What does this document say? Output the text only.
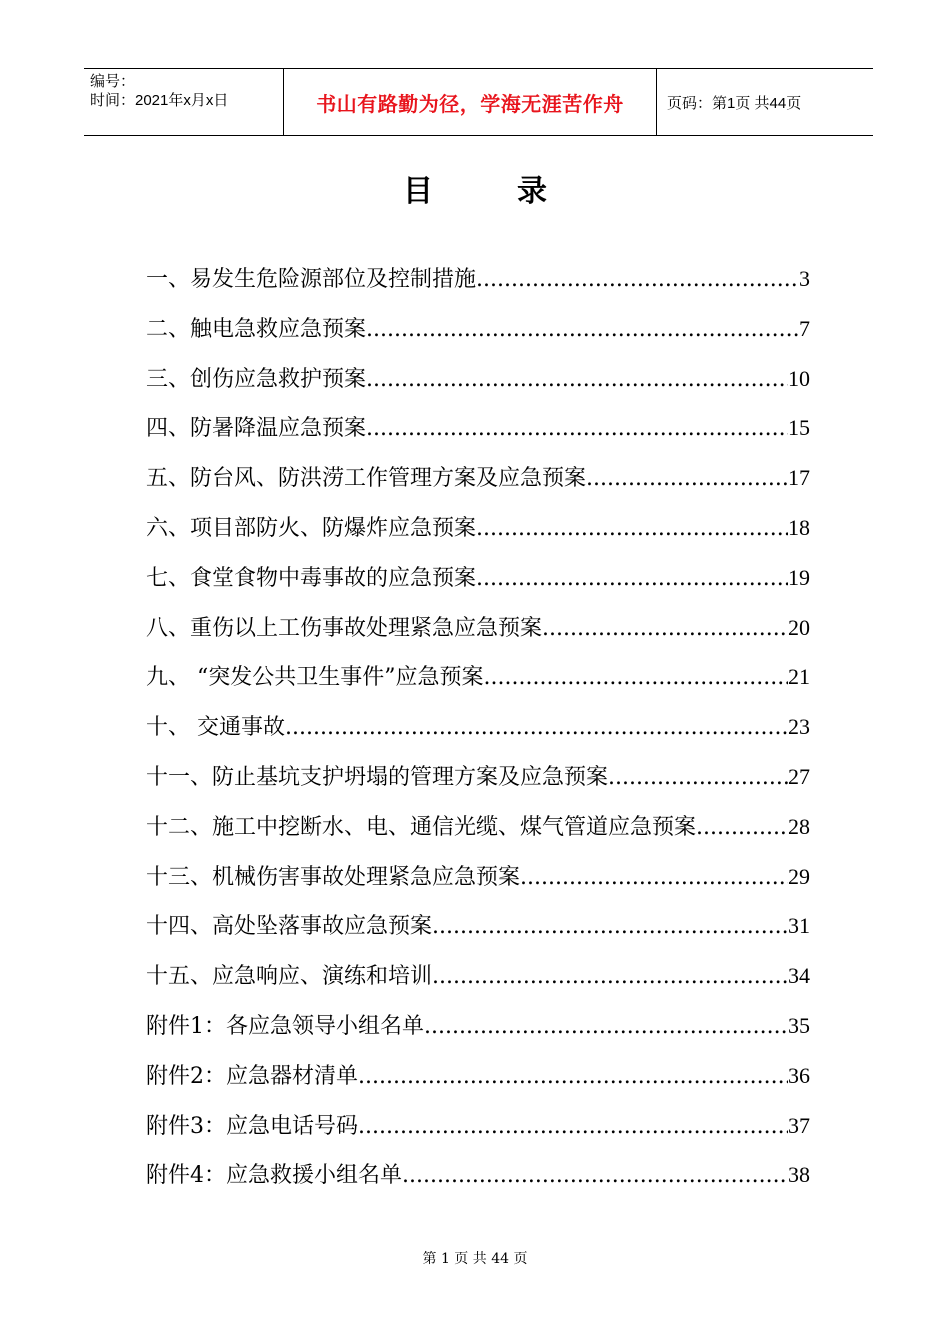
编号：
时间：2021年x月x日	书山有路勤为径，学海无涯苦作舟	页码：第1页 共44页
目录
一、易发生危险源部位及控制措施 .....	3
二、触电急救应急预案 .....	7
三、创伤应急救护预案 .....	10
四、防暑降温应急预案 .....	15
五、防台风、防洪涝工作管理方案及应急预案 .....	17
六、项目部防火、防爆炸应急预案 .....	18
七、食堂食物中毒事故的应急预案 .....	19
八、重伤以上工伤事故处理紧急应急预案 .....	20
九、 “突发公共卫生事件”应急预案 .....	21
十、 交通事故 .....	23
十一、防止基坑支护坍塌的管理方案及应急预案 .....	27
十二、施工中挖断水、电、通信光缆、煤气管道应急预案 .....	28
十三、机械伤害事故处理紧急应急预案 .....	29
十四、高处坠落事故应急预案 .....	31
十五、应急响应、演练和培训 .....	34
附件1：各应急领导小组名单 .....	35
附件2：应急器材清单 .....	36
附件3：应急电话号码 .....	37
附件4：应急救援小组名单 .....	38
第 1 页 共 44 页
